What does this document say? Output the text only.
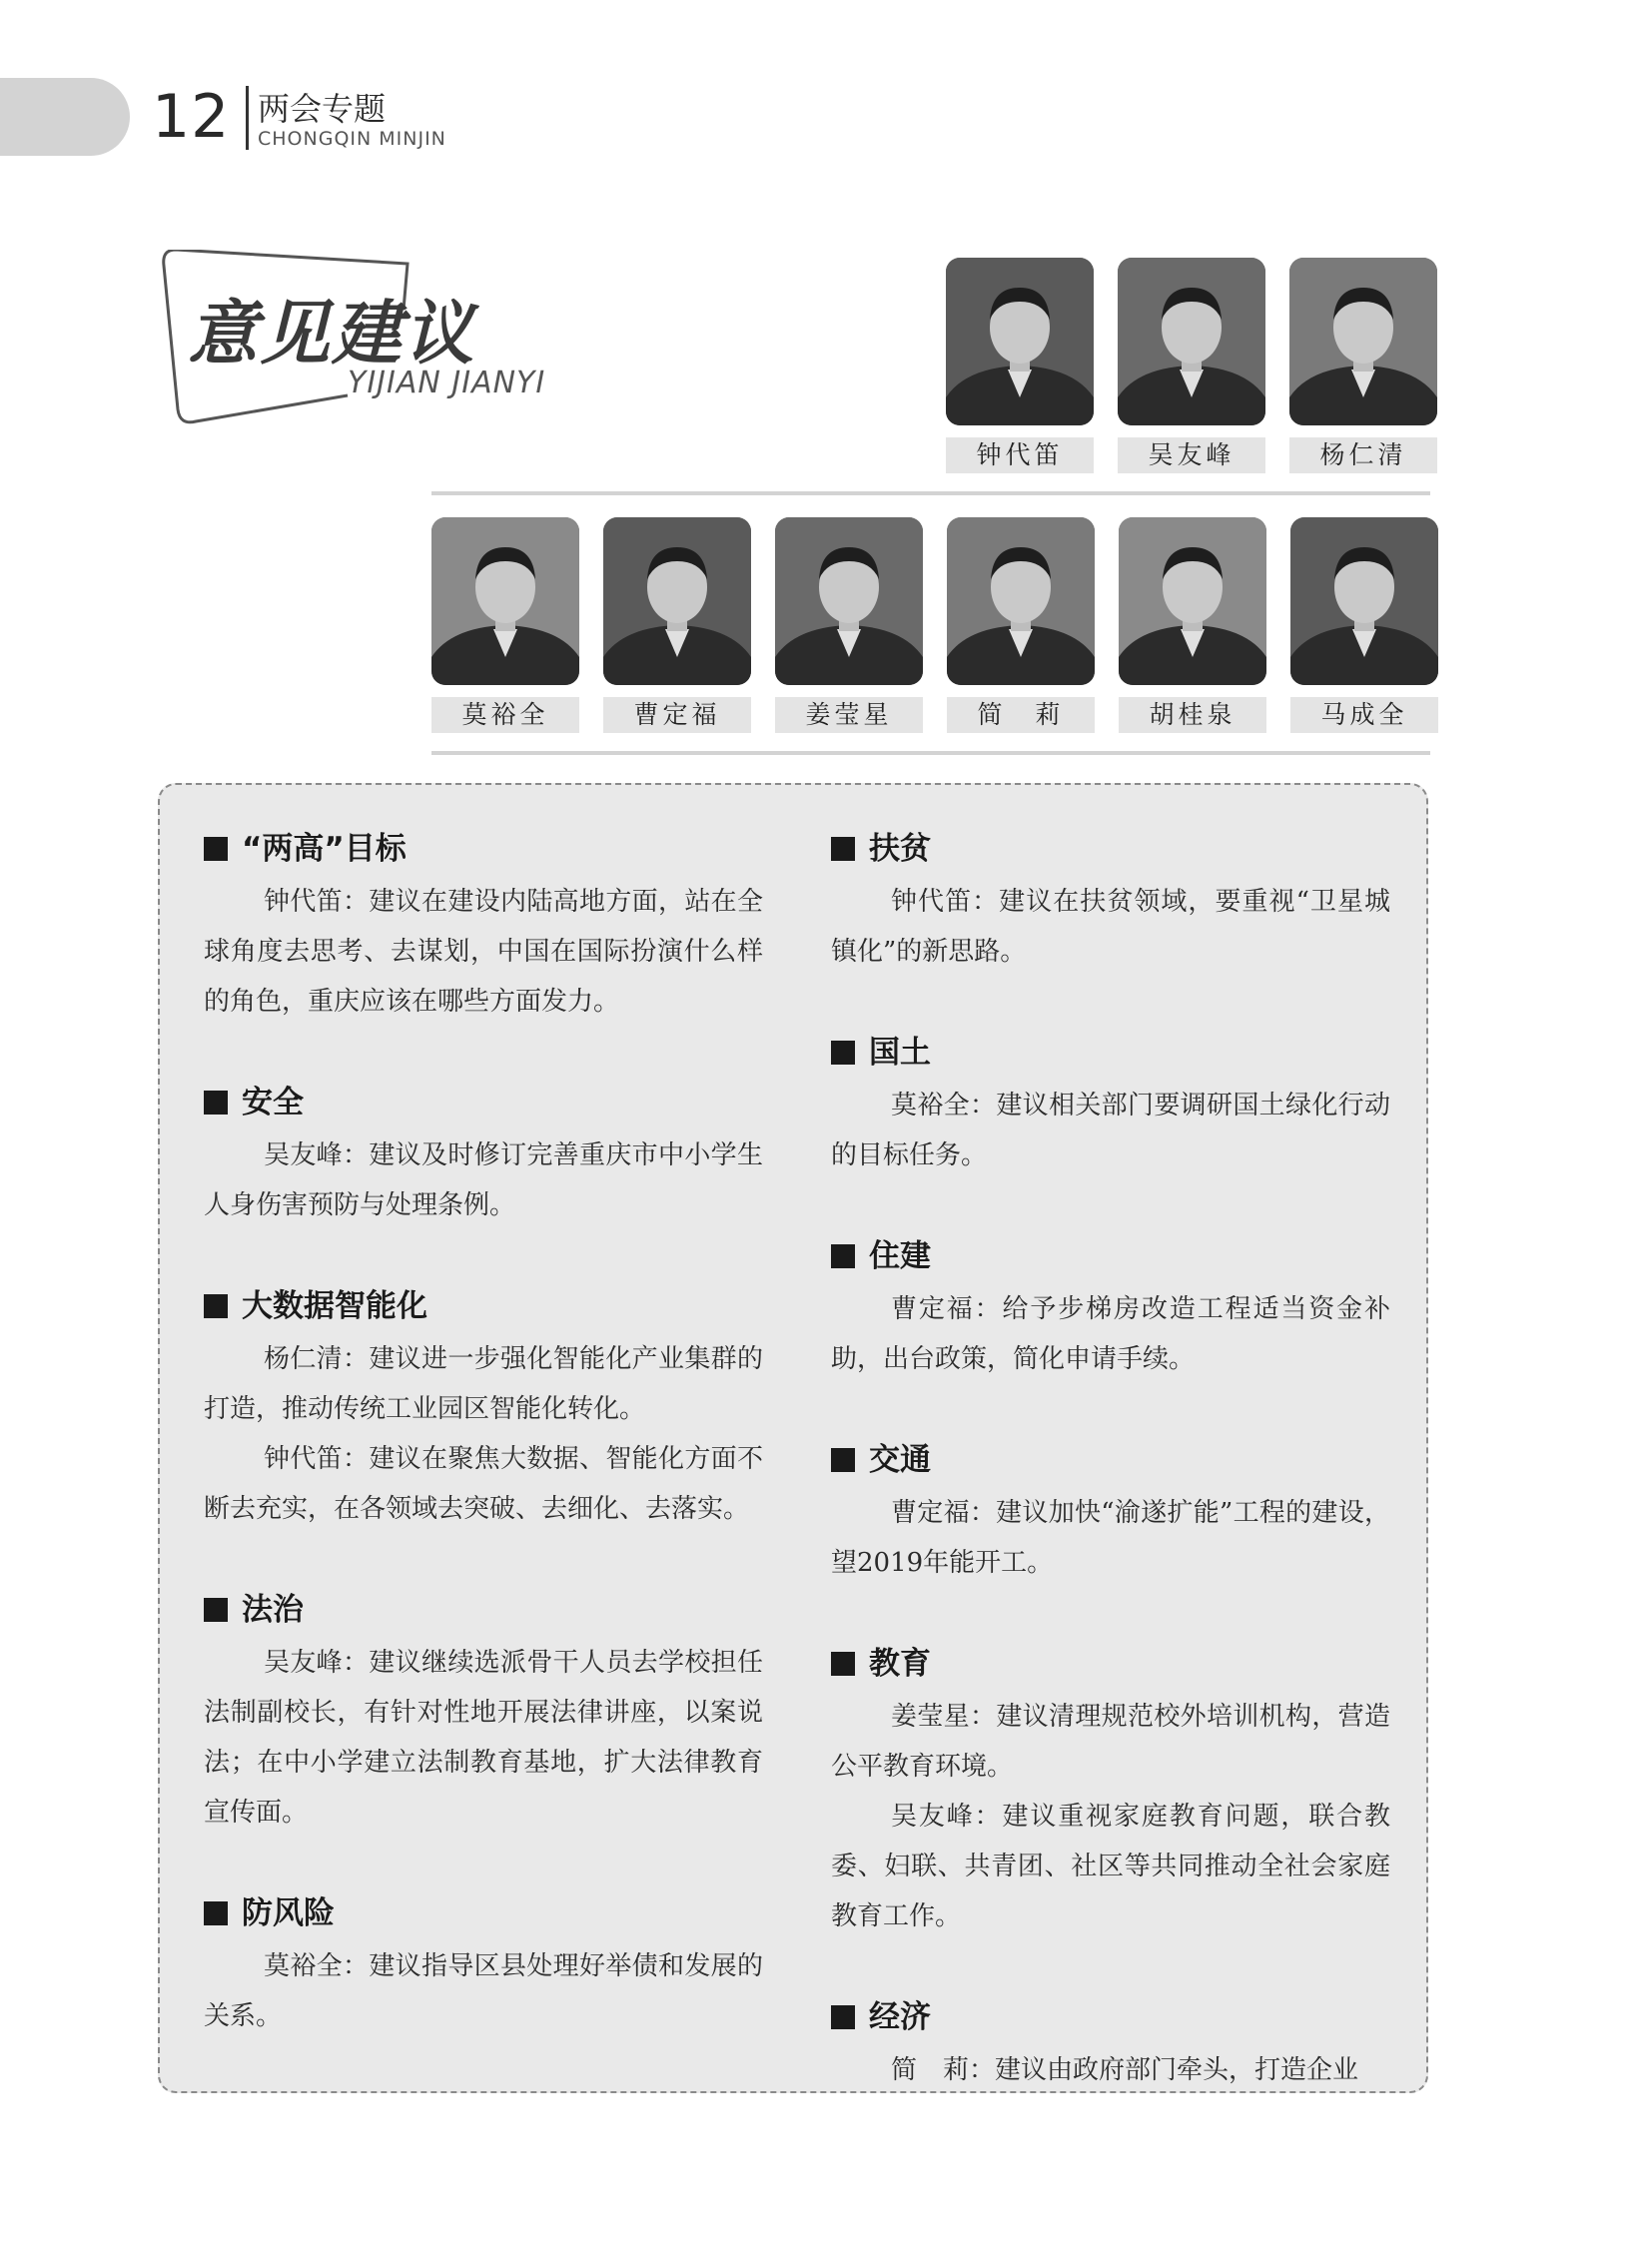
12 两会专题
CHONGQIN MINJIN
意见建议
YIJIAN JIANYI
钟代笛	吴友峰	杨仁清
莫裕全	曹定福	姜莹星	简　莉	胡桂泉	马成全
“两高”目标
钟代笛：建议在建设内陆高地方面，站在全球角度去思考、去谋划，中国在国际扮演什么样的角色，重庆应该在哪些方面发力。
安全
吴友峰：建议及时修订完善重庆市中小学生人身伤害预防与处理条例。
大数据智能化
杨仁清：建议进一步强化智能化产业集群的打造，推动传统工业园区智能化转化。
钟代笛：建议在聚焦大数据、智能化方面不断去充实，在各领域去突破、去细化、去落实。
法治
吴友峰：建议继续选派骨干人员去学校担任法制副校长，有针对性地开展法律讲座，以案说法；在中小学建立法制教育基地，扩大法律教育宣传面。
防风险
莫裕全：建议指导区县处理好举债和发展的关系。
扶贫
钟代笛：建议在扶贫领域，要重视“卫星城镇化”的新思路。
国土
莫裕全：建议相关部门要调研国土绿化行动的目标任务。
住建
曹定福：给予步梯房改造工程适当资金补助，出台政策，简化申请手续。
交通
曹定福：建议加快“渝遂扩能”工程的建设，望2019年能开工。
教育
姜莹星：建议清理规范校外培训机构，营造公平教育环境。
吴友峰：建议重视家庭教育问题，联合教委、妇联、共青团、社区等共同推动全社会家庭教育工作。
经济
简　莉：建议由政府部门牵头，打造企业
